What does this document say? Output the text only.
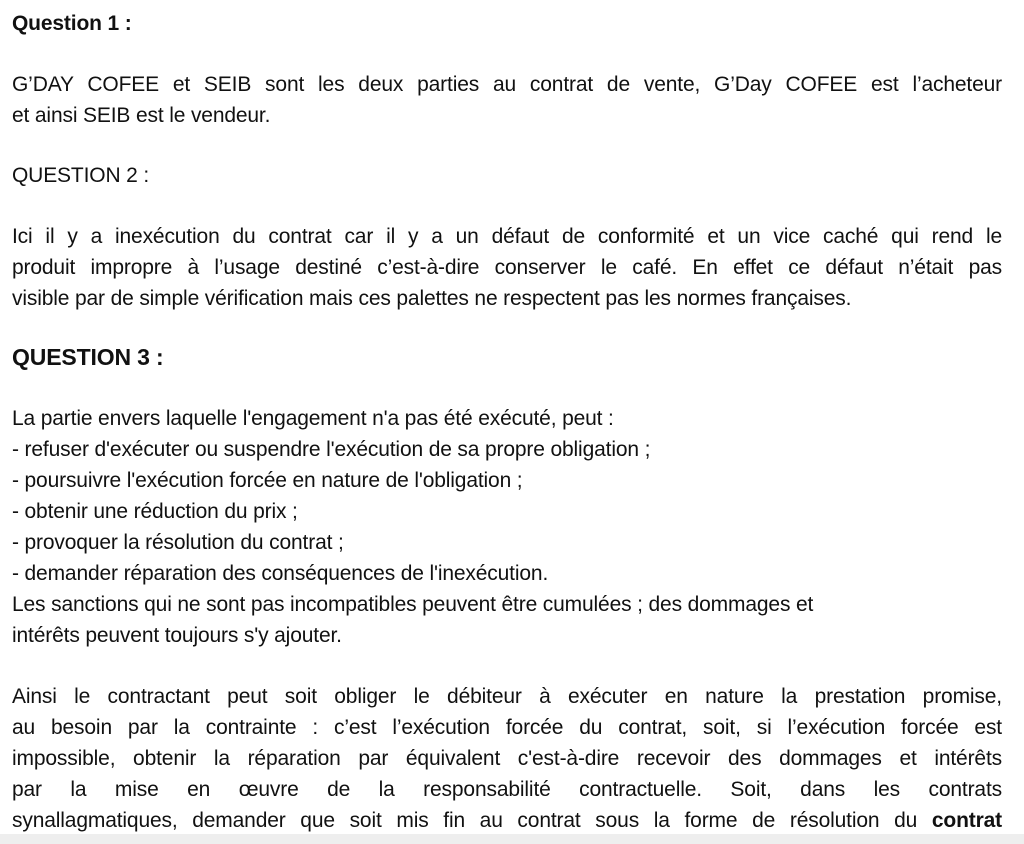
Question 1 :
G’DAY COFEE et SEIB sont les deux parties au contrat de vente, G’Day COFEE est l’acheteur
et ainsi SEIB est le vendeur.
QUESTION 2 :
Ici il y a inexécution du contrat car il y a un défaut de conformité et un vice caché qui rend le
produit impropre à l’usage destiné c’est-à-dire conserver le café. En effet ce défaut n’était pas
visible par de simple vérification mais ces palettes ne respectent pas les normes françaises.
QUESTION 3 :
La partie envers laquelle l'engagement n'a pas été exécuté, peut :
- refuser d'exécuter ou suspendre l'exécution de sa propre obligation ;
- poursuivre l'exécution forcée en nature de l'obligation ;
- obtenir une réduction du prix ;
- provoquer la résolution du contrat ;
- demander réparation des conséquences de l'inexécution.
Les sanctions qui ne sont pas incompatibles peuvent être cumulées ; des dommages et
intérêts peuvent toujours s'y ajouter.
Ainsi le contractant peut soit obliger le débiteur à exécuter en nature la prestation promise,
au besoin par la contrainte : c’est l’exécution forcée du contrat, soit, si l’exécution forcée est
impossible, obtenir la réparation par équivalent c'est-à-dire recevoir des dommages et intérêts
par la mise en œuvre de la responsabilité contractuelle. Soit, dans les contrats
synallagmatiques, demander que soit mis fin au contrat sous la forme de résolution du contrat
